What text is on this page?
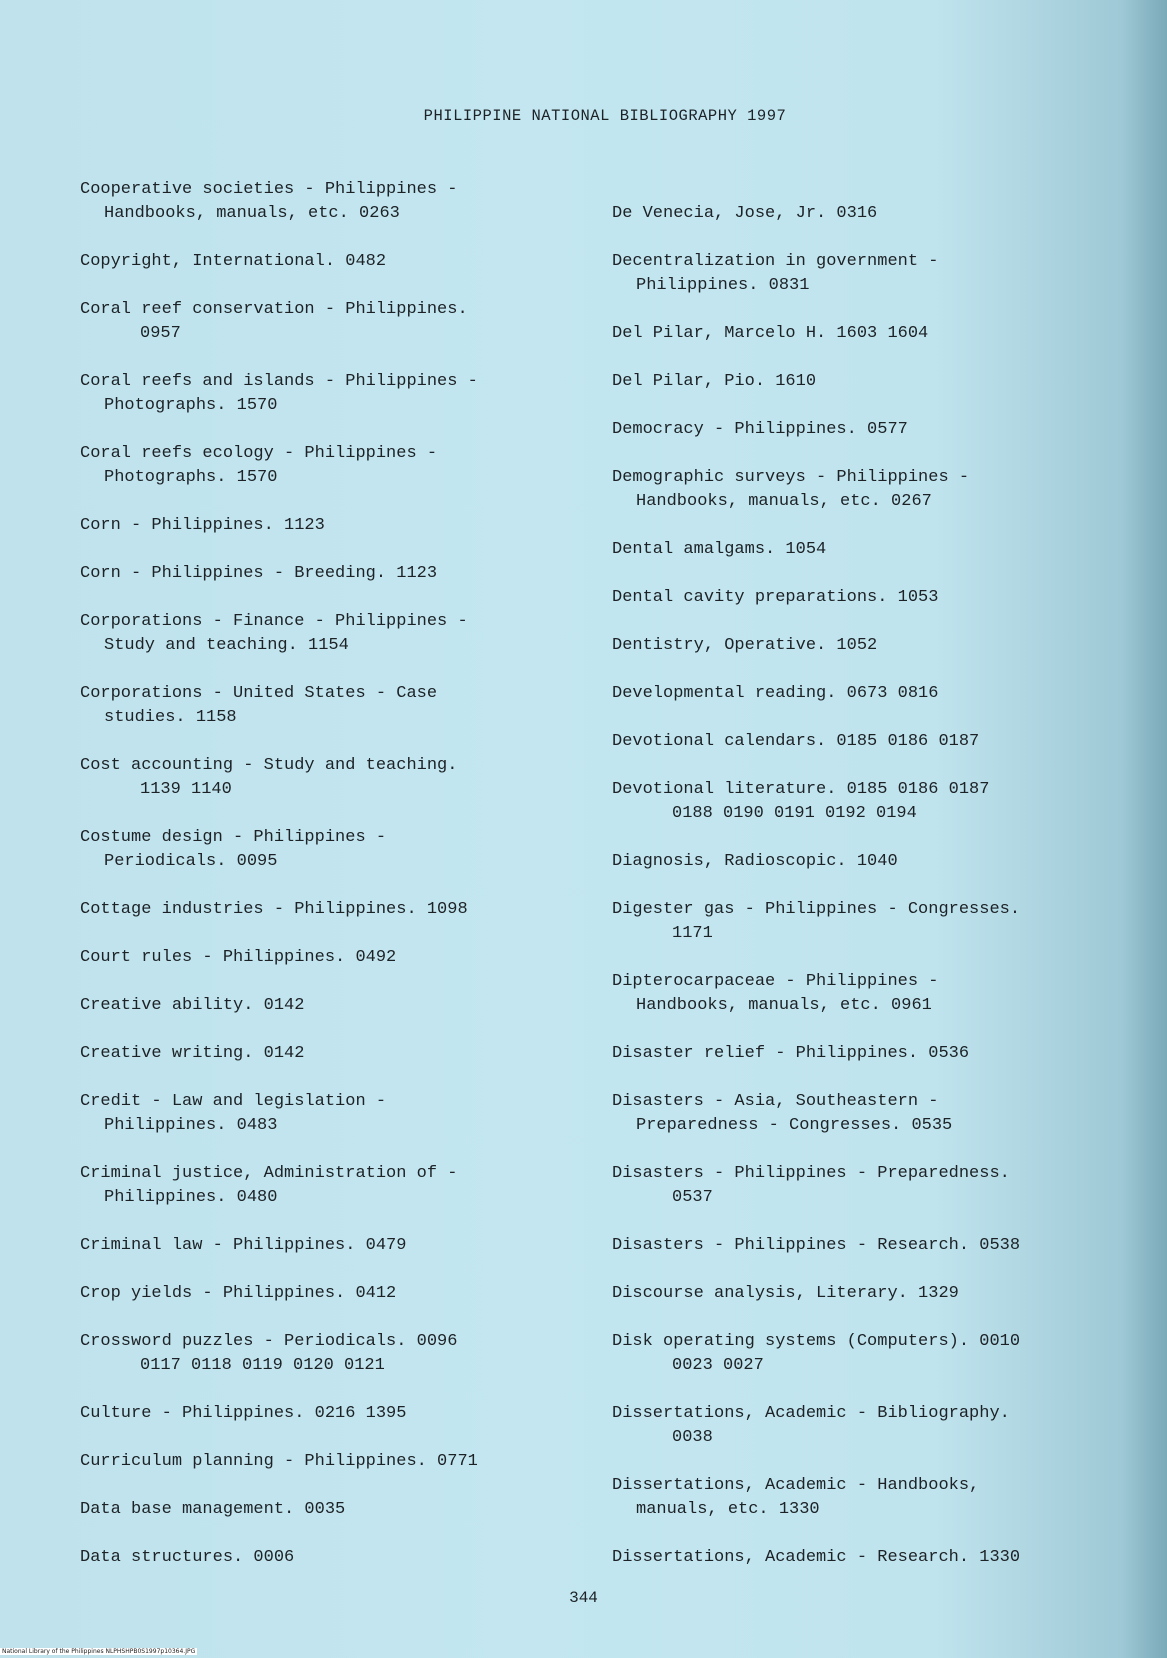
PHILIPPINE NATIONAL BIBLIOGRAPHY 1997
Cooperative societies - Philippines -
Handbooks, manuals, etc. 0263
Copyright, International. 0482
Coral reef conservation - Philippines.
0957
Coral reefs and islands - Philippines -
Photographs. 1570
Coral reefs ecology - Philippines -
Photographs. 1570
Corn - Philippines. 1123
Corn - Philippines - Breeding. 1123
Corporations - Finance - Philippines -
Study and teaching. 1154
Corporations - United States - Case
studies. 1158
Cost accounting - Study and teaching.
1139 1140
Costume design - Philippines -
Periodicals. 0095
Cottage industries - Philippines. 1098
Court rules - Philippines. 0492
Creative ability. 0142
Creative writing. 0142
Credit - Law and legislation -
Philippines. 0483
Criminal justice, Administration of -
Philippines. 0480
Criminal law - Philippines. 0479
Crop yields - Philippines. 0412
Crossword puzzles - Periodicals. 0096
0117 0118 0119 0120 0121
Culture - Philippines. 0216 1395
Curriculum planning - Philippines. 0771
Data base management. 0035
Data structures. 0006
De Venecia, Jose, Jr. 0316
Decentralization in government -
Philippines. 0831
Del Pilar, Marcelo H. 1603 1604
Del Pilar, Pio. 1610
Democracy - Philippines. 0577
Demographic surveys - Philippines -
Handbooks, manuals, etc. 0267
Dental amalgams. 1054
Dental cavity preparations. 1053
Dentistry, Operative. 1052
Developmental reading. 0673 0816
Devotional calendars. 0185 0186 0187
Devotional literature. 0185 0186 0187
0188 0190 0191 0192 0194
Diagnosis, Radioscopic. 1040
Digester gas - Philippines - Congresses.
1171
Dipterocarpaceae - Philippines -
Handbooks, manuals, etc. 0961
Disaster relief - Philippines. 0536
Disasters - Asia, Southeastern -
Preparedness - Congresses. 0535
Disasters - Philippines - Preparedness.
0537
Disasters - Philippines - Research. 0538
Discourse analysis, Literary. 1329
Disk operating systems (Computers). 0010
0023 0027
Dissertations, Academic - Bibliography.
0038
Dissertations, Academic - Handbooks,
manuals, etc. 1330
Dissertations, Academic - Research. 1330
344
National Library of the Philippines NLPHSHPB0S1997p10364.JPG
